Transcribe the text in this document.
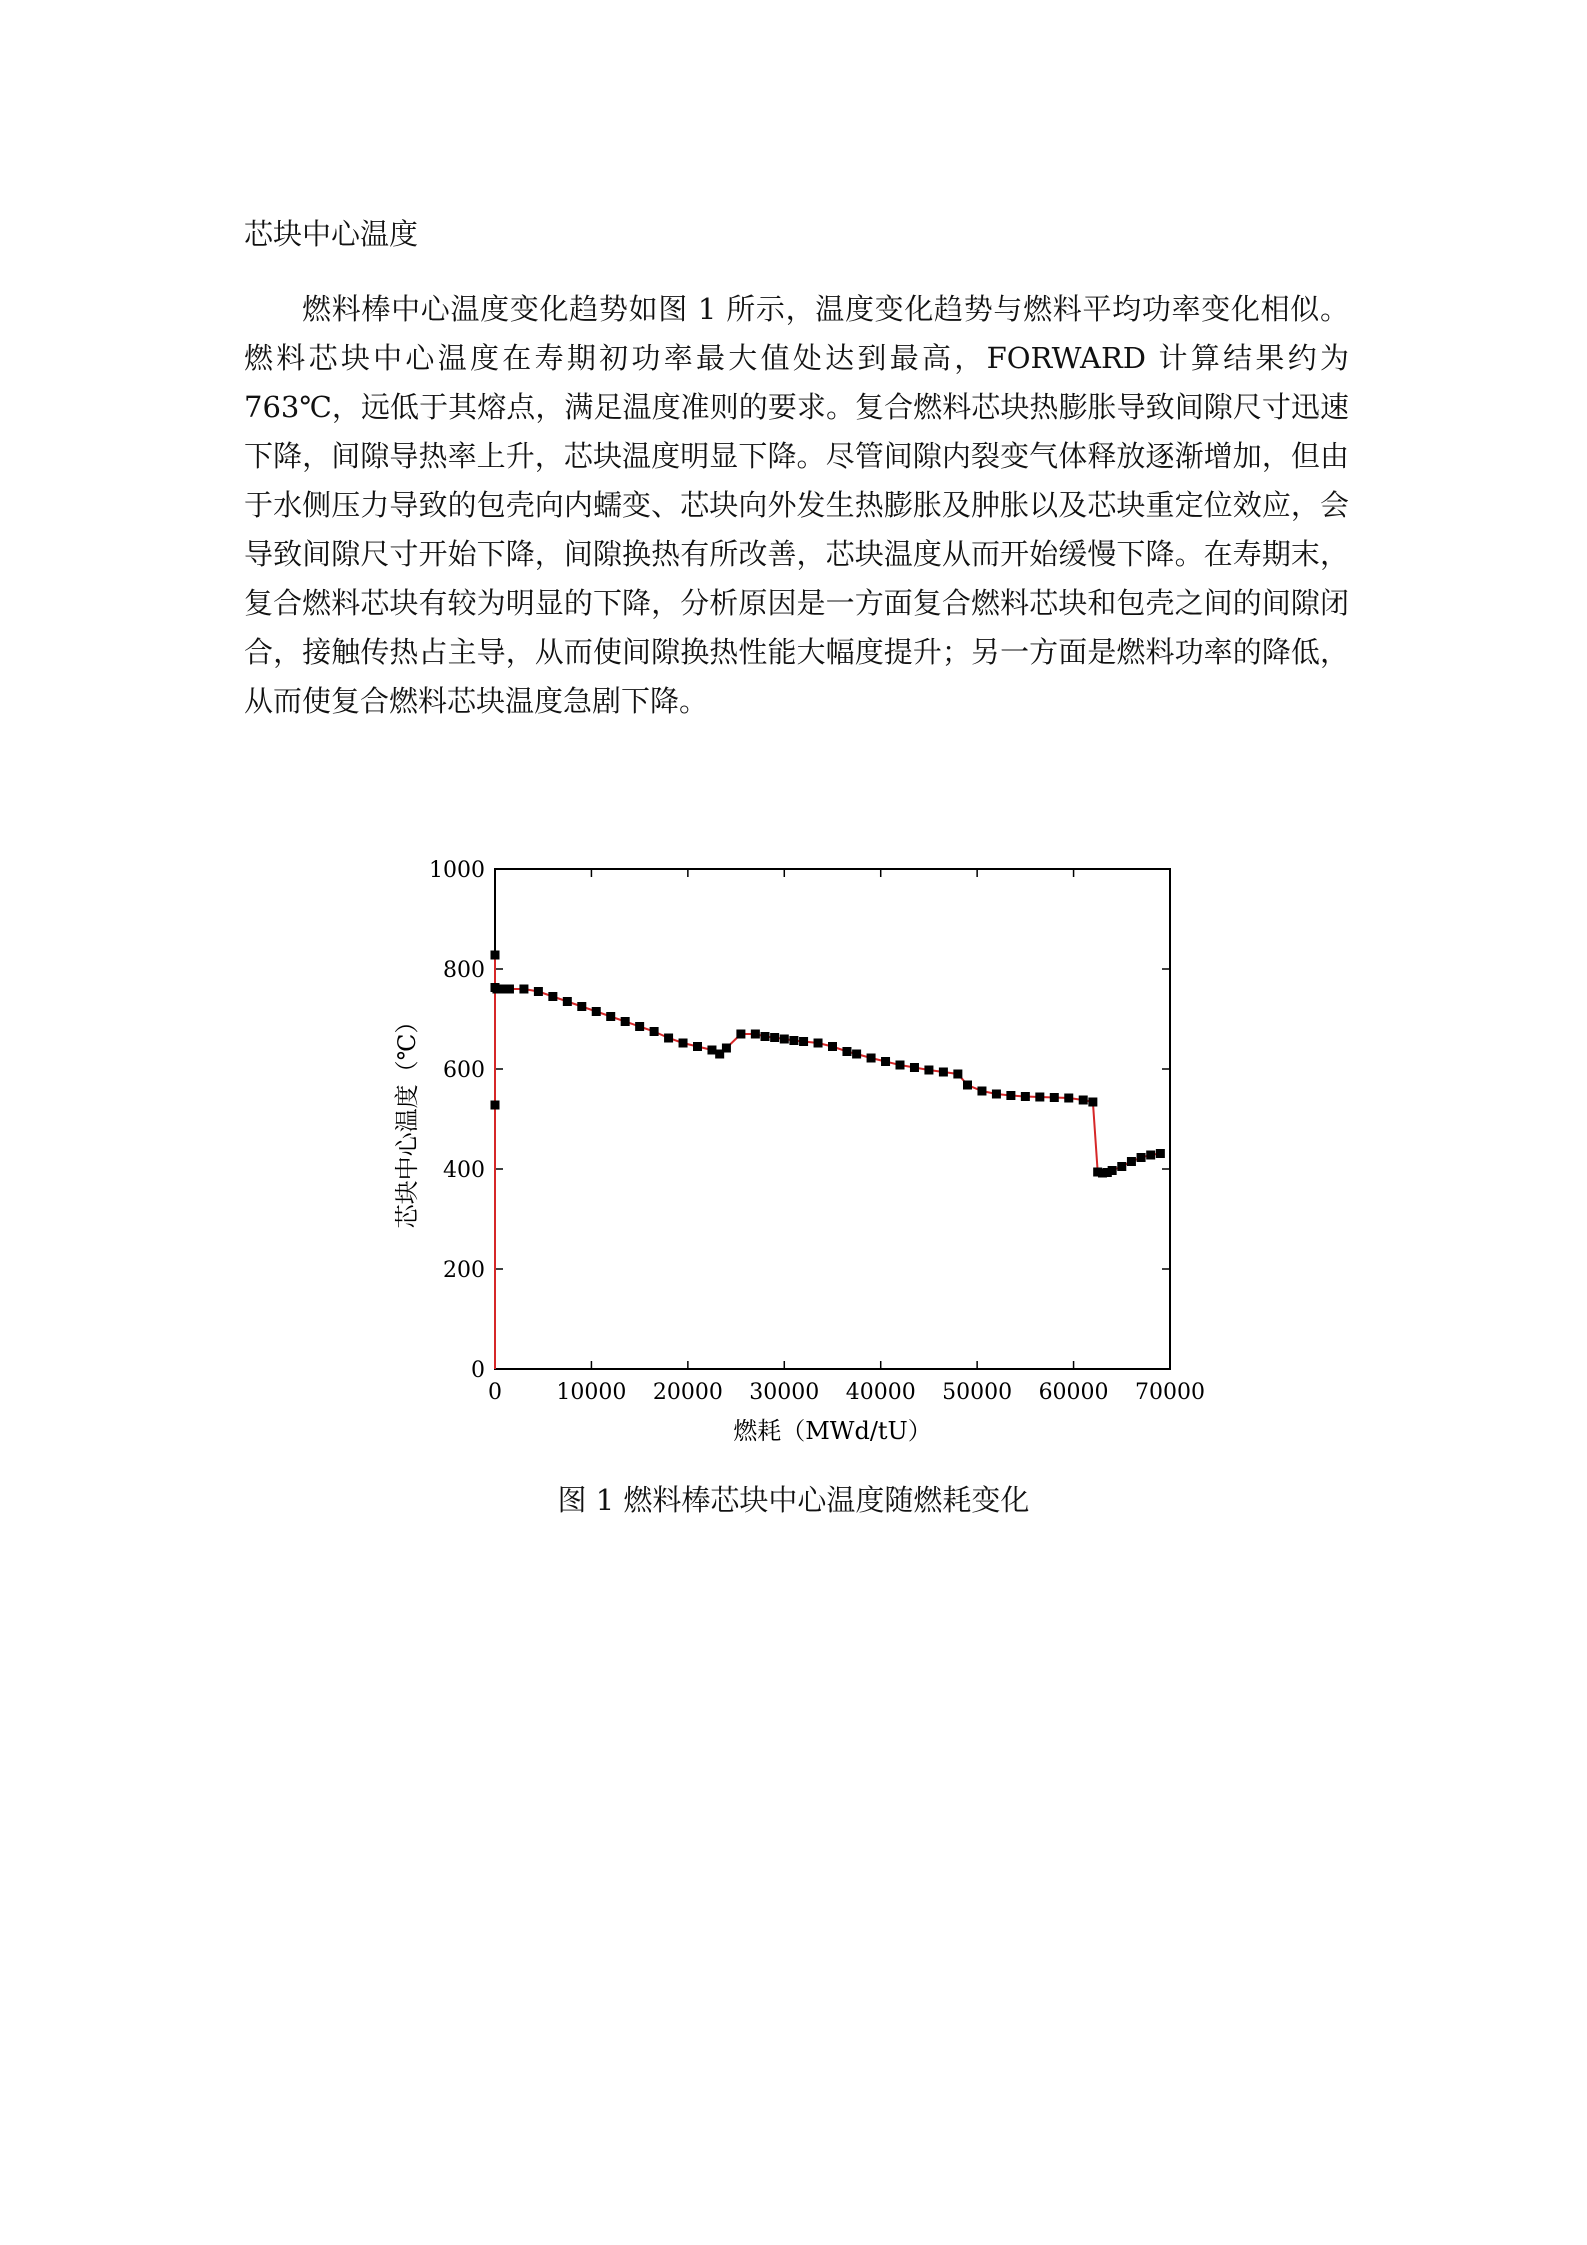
芯块中心温度

燃料棒中心温度变化趋势如图 1 所示，温度变化趋势与燃料平均功率变化相似。燃料芯块中心温度在寿期初功率最大值处达到最高，FORWARD 计算结果约为 763℃，远低于其熔点，满足温度准则的要求。复合燃料芯块热膨胀导致间隙尺寸迅速下降，间隙导热率上升，芯块温度明显下降。尽管间隙内裂变气体释放逐渐增加，但由于水侧压力导致的包壳向内蠕变、芯块向外发生热膨胀及肿胀以及芯块重定位效应，会导致间隙尺寸开始下降，间隙换热有所改善，芯块温度从而开始缓慢下降。在寿期末，复合燃料芯块有较为明显的下降，分析原因是一方面复合燃料芯块和包壳之间的间隙闭合，接触传热占主导，从而使间隙换热性能大幅度提升；另一方面是燃料功率的降低，从而使复合燃料芯块温度急剧下降。

0 10000 20000 30000 40000 50000 60000 70000
0
200
400
600
800
1000
燃耗（MWd/tU）
芯块中心温度（℃）
图 1 燃料棒芯块中心温度随燃耗变化
